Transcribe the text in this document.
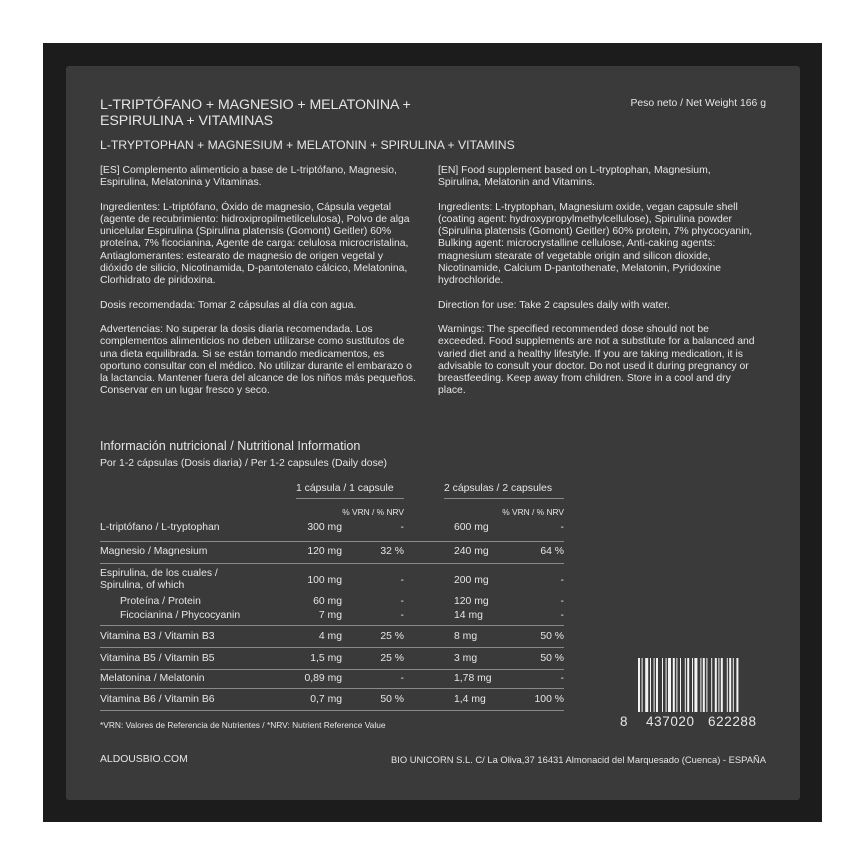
L-TRIPTÓFANO + MAGNESIO + MELATONINA + ESPIRULINA + VITAMINAS
L-TRYPTOPHAN + MAGNESIUM + MELATONIN + SPIRULINA + VITAMINS
Peso neto / Net Weight 166 g

[ES] Complemento alimenticio a base de L-triptófano, Magnesio, Espirulina, Melatonina y Vitaminas.

Ingredientes: L-triptófano, Óxido de magnesio, Cápsula vegetal (agente de recubrimiento: hidroxipropilmetilcelulosa), Polvo de alga unicelular Espirulina (Spirulina platensis (Gomont) Geitler) 60% proteína, 7% ficocianina, Agente de carga: celulosa microcristalina, Antiaglomerantes: estearato de magnesio de origen vegetal y dióxido de silicio, Nicotinamida, D-pantotenato cálcico, Melatonina, Clorhidrato de piridoxina.

Dosis recomendada: Tomar 2 cápsulas al día con agua.

Advertencias: No superar la dosis diaria recomendada. Los complementos alimenticios no deben utilizarse como sustitutos de una dieta equilibrada. Si se están tomando medicamentos, es oportuno consultar con el médico. No utilizar durante el embarazo o la lactancia. Mantener fuera del alcance de los niños más pequeños. Conservar en un lugar fresco y seco.

[EN] Food supplement based on L-tryptophan, Magnesium, Spirulina, Melatonin and Vitamins.

Ingredients: L-tryptophan, Magnesium oxide, vegan capsule shell (coating agent: hydroxypropylmethylcellulose), Spirulina powder (Spirulina platensis (Gomont) Geitler) 60% protein, 7% phycocyanin, Bulking agent: microcrystalline cellulose, Anti-caking agents: magnesium stearate of vegetable origin and silicon dioxide, Nicotinamide, Calcium D-pantothenate, Melatonin, Pyridoxine hydrochloride.

Direction for use: Take 2 capsules daily with water.

Warnings: The specified recommended dose should not be exceeded. Food supplements are not a substitute for a balanced and varied diet and a healthy lifestyle. If you are taking medication, it is advisable to consult your doctor. Do not used it during pregnancy or breastfeeding. Keep away from children. Store in a cool and dry place.

Información nutricional / Nutritional Information
Por 1-2 cápsulas (Dosis diaria) / Per 1-2 capsules (Daily dose)
1 cápsula / 1 capsule	2 cápsulas / 2 capsules
% VRN / % NRV	% VRN / % NRV
L-triptófano / L-tryptophan	300 mg	-	600 mg	-
Magnesio / Magnesium	120 mg	32 %	240 mg	64 %
Espirulina, de los cuales / Spirulina, of which	100 mg	-	200 mg	-
Proteína / Protein	60 mg	-	120 mg	-
Ficocianina / Phycocyanin	7 mg	-	14 mg	-
Vitamina B3 / Vitamin B3	4 mg	25 %	8 mg	50 %
Vitamina B5 / Vitamin B5	1,5 mg	25 %	3 mg	50 %
Melatonina / Melatonin	0,89 mg	-	1,78 mg	-
Vitamina B6 / Vitamin B6	0,7 mg	50 %	1,4 mg	100 %
*VRN: Valores de Referencia de Nutrientes / *NRV: Nutrient Reference Value	8 437020 622288
ALDOUSBIO.COM	BIO UNICORN S.L. C/ La Oliva,37 16431 Almonacid del Marquesado (Cuenca) - ESPAÑA
